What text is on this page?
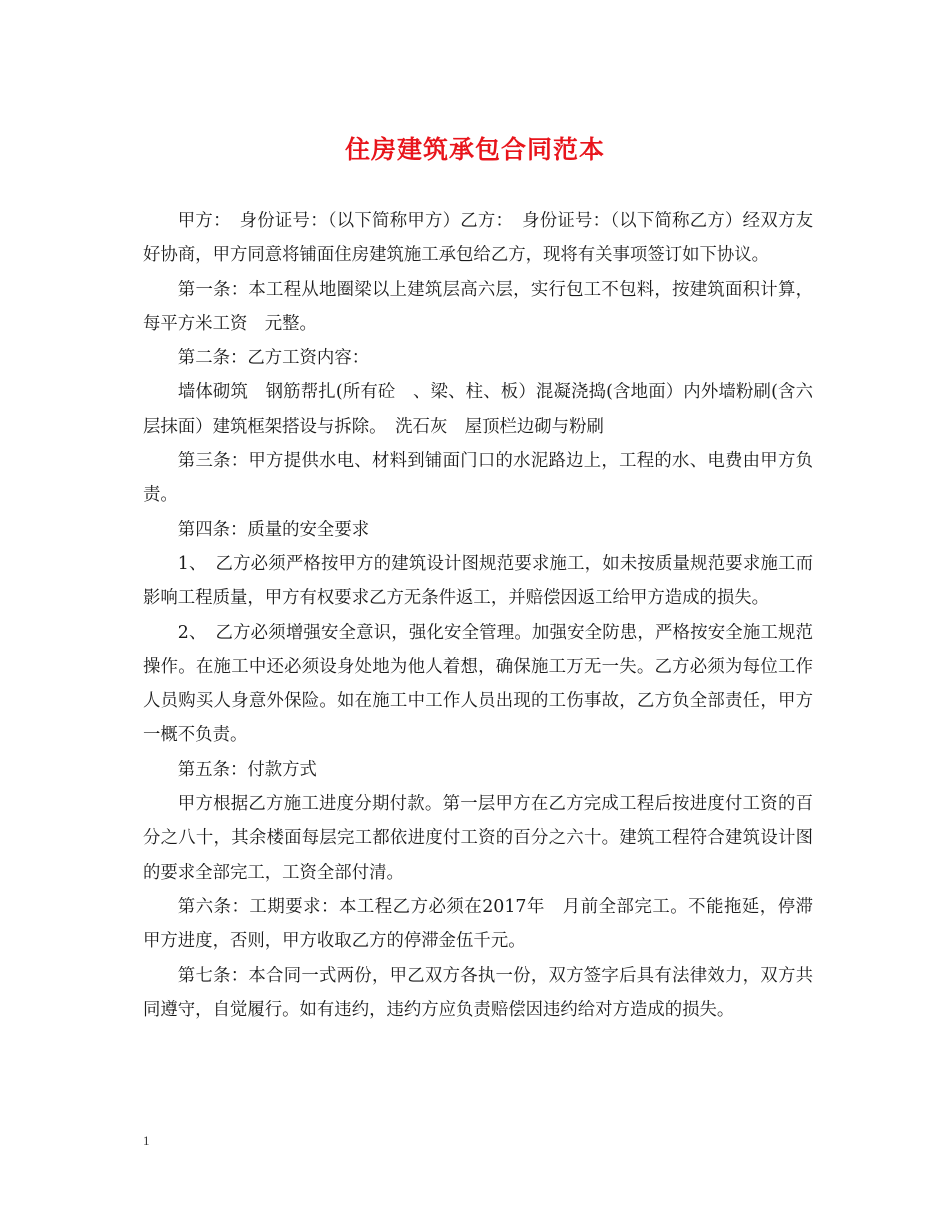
住房建筑承包合同范本

甲方：　身份证号：（以下简称甲方）乙方：　身份证号：（以下简称乙方）经双方友好协商，甲方同意将铺面住房建筑施工承包给乙方，现将有关事项签订如下协议。

第一条：本工程从地圈梁以上建筑层高六层，实行包工不包料，按建筑面积计算，每平方米工资　元整。

第二条：乙方工资内容：

墙体砌筑　钢筋帮扎(所有砼　、梁、柱、板）混凝浇捣(含地面）内外墙粉刷(含六层抹面）建筑框架搭设与拆除。　洗石灰　屋顶栏边砌与粉刷

第三条：甲方提供水电、材料到铺面门口的水泥路边上，工程的水、电费由甲方负责。

第四条：质量的安全要求

1、　乙方必须严格按甲方的建筑设计图规范要求施工，如未按质量规范要求施工而影响工程质量，甲方有权要求乙方无条件返工，并赔偿因返工给甲方造成的损失。

2、　乙方必须增强安全意识，强化安全管理。加强安全防患，严格按安全施工规范操作。在施工中还必须设身处地为他人着想，确保施工万无一失。乙方必须为每位工作人员购买人身意外保险。如在施工中工作人员出现的工伤事故，乙方负全部责任，甲方一概不负责。

第五条：付款方式

甲方根据乙方施工进度分期付款。第一层甲方在乙方完成工程后按进度付工资的百分之八十，其余楼面每层完工都依进度付工资的百分之六十。建筑工程符合建筑设计图的要求全部完工，工资全部付清。

第六条：工期要求：本工程乙方必须在2017年　月前全部完工。不能拖延，停滞甲方进度，否则，甲方收取乙方的停滞金伍千元。

第七条：本合同一式两份，甲乙双方各执一份，双方签字后具有法律效力，双方共同遵守，自觉履行。如有违约，违约方应负责赔偿因违约给对方造成的损失。

1
